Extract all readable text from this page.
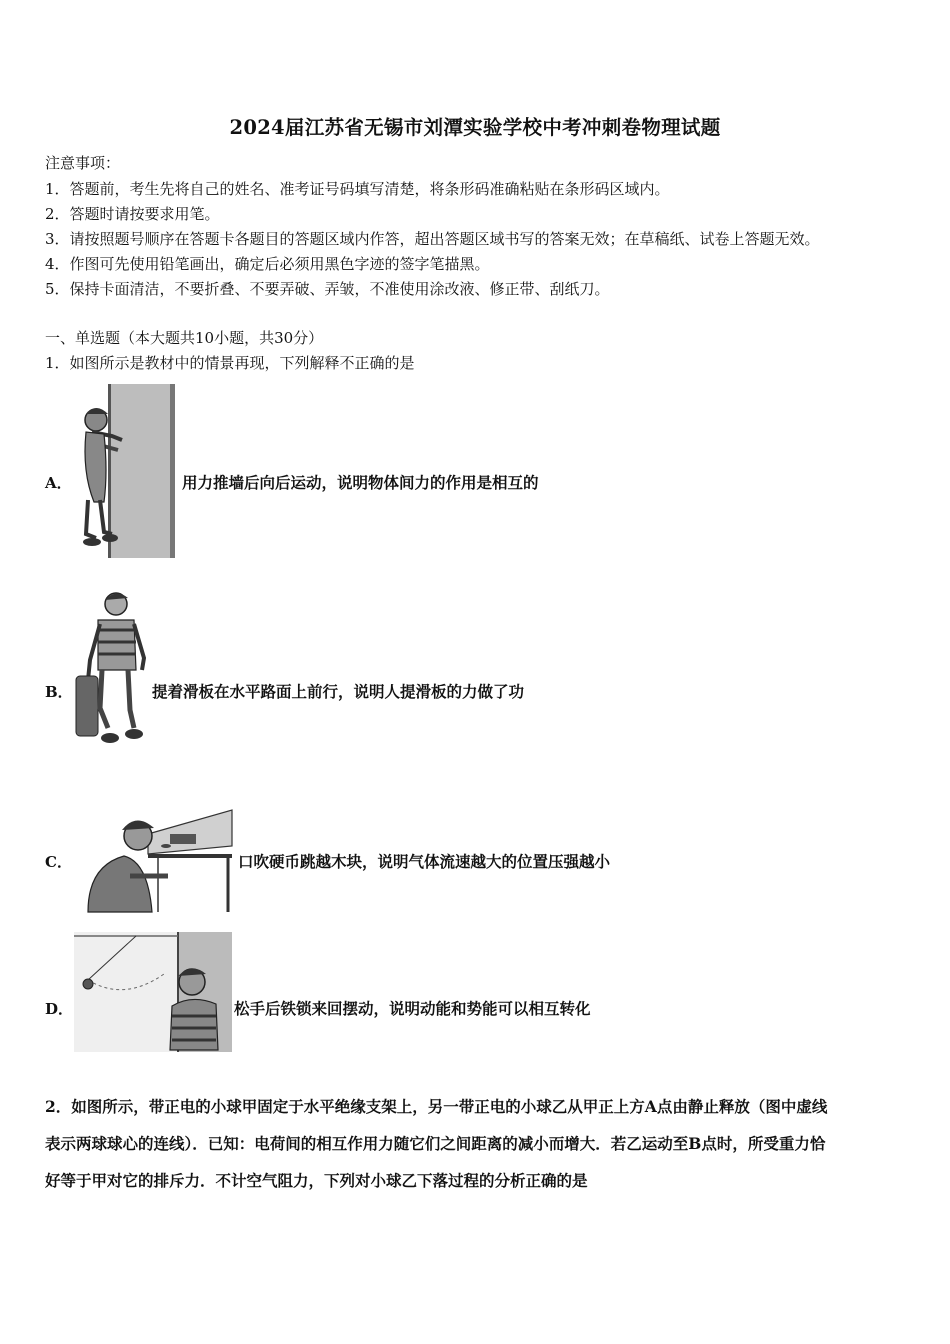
2024届江苏省无锡市刘潭实验学校中考冲刺卷物理试题
注意事项：
1．答题前，考生先将自己的姓名、准考证号码填写清楚，将条形码准确粘贴在条形码区域内。
2．答题时请按要求用笔。
3．请按照题号顺序在答题卡各题目的答题区域内作答，超出答题区域书写的答案无效；在草稿纸、试卷上答题无效。
4．作图可先使用铅笔画出，确定后必须用黑色字迹的签字笔描黑。
5．保持卡面清洁，不要折叠、不要弄破、弄皱，不准使用涂改液、修正带、刮纸刀。
一、单选题（本大题共10小题，共30分）
1．如图所示是教材中的情景再现，下列解释不正确的是
A．	用力推墙后向后运动，说明物体间力的作用是相互的
B．	提着滑板在水平路面上前行，说明人提滑板的力做了功
C．	口吹硬币跳越木块，说明气体流速越大的位置压强越小
D．	松手后铁锁来回摆动，说明动能和势能可以相互转化
2．如图所示，带正电的小球甲固定于水平绝缘支架上，另一带正电的小球乙从甲正上方A点由静止释放（图中虚线
表示两球球心的连线）．已知：电荷间的相互作用力随它们之间距离的减小而增大．若乙运动至B点时，所受重力恰
好等于甲对它的排斥力．不计空气阻力，下列对小球乙下落过程的分析正确的是
